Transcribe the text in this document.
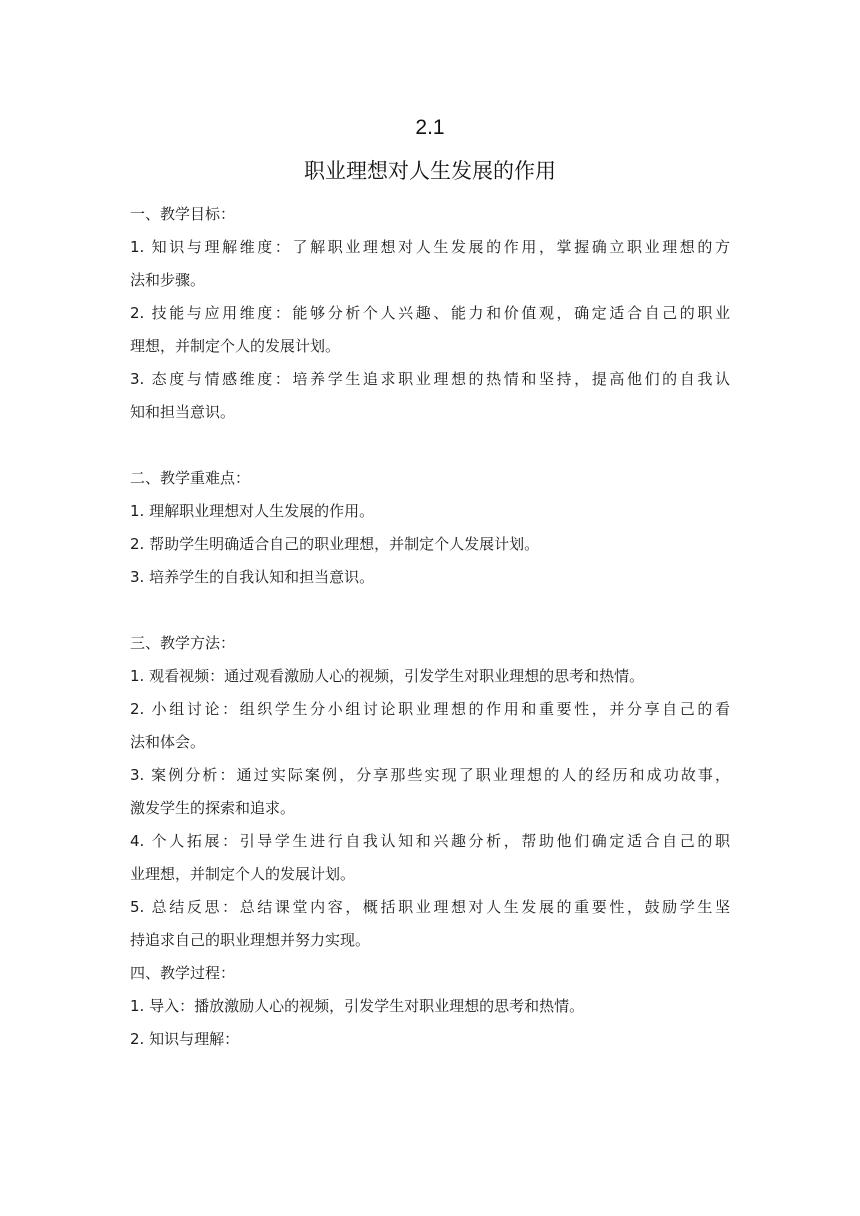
2.1
职业理想对人生发展的作用
一、教学目标：
1. 知识与理解维度：了解职业理想对人生发展的作用，掌握确立职业理想的方
法和步骤。
2. 技能与应用维度：能够分析个人兴趣、能力和价值观，确定适合自己的职业
理想，并制定个人的发展计划。
3. 态度与情感维度：培养学生追求职业理想的热情和坚持，提高他们的自我认
知和担当意识。
二、教学重难点：
1. 理解职业理想对人生发展的作用。
2. 帮助学生明确适合自己的职业理想，并制定个人发展计划。
3. 培养学生的自我认知和担当意识。
三、教学方法：
1. 观看视频：通过观看激励人心的视频，引发学生对职业理想的思考和热情。
2. 小组讨论：组织学生分小组讨论职业理想的作用和重要性，并分享自己的看
法和体会。
3. 案例分析：通过实际案例，分享那些实现了职业理想的人的经历和成功故事，
激发学生的探索和追求。
4. 个人拓展：引导学生进行自我认知和兴趣分析，帮助他们确定适合自己的职
业理想，并制定个人的发展计划。
5. 总结反思：总结课堂内容，概括职业理想对人生发展的重要性，鼓励学生坚
持追求自己的职业理想并努力实现。
四、教学过程：
1. 导入：播放激励人心的视频，引发学生对职业理想的思考和热情。
2. 知识与理解：
